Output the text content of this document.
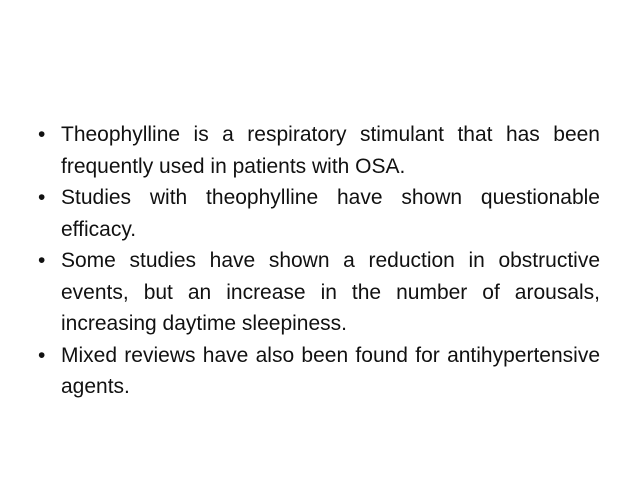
• Theophylline is a respiratory stimulant that has been frequently used in patients with OSA.
• Studies with theophylline have shown questionable efficacy.
• Some studies have shown a reduction in obstructive events, but an increase in the number of arousals, increasing daytime sleepiness.
• Mixed reviews have also been found for antihypertensive agents.
